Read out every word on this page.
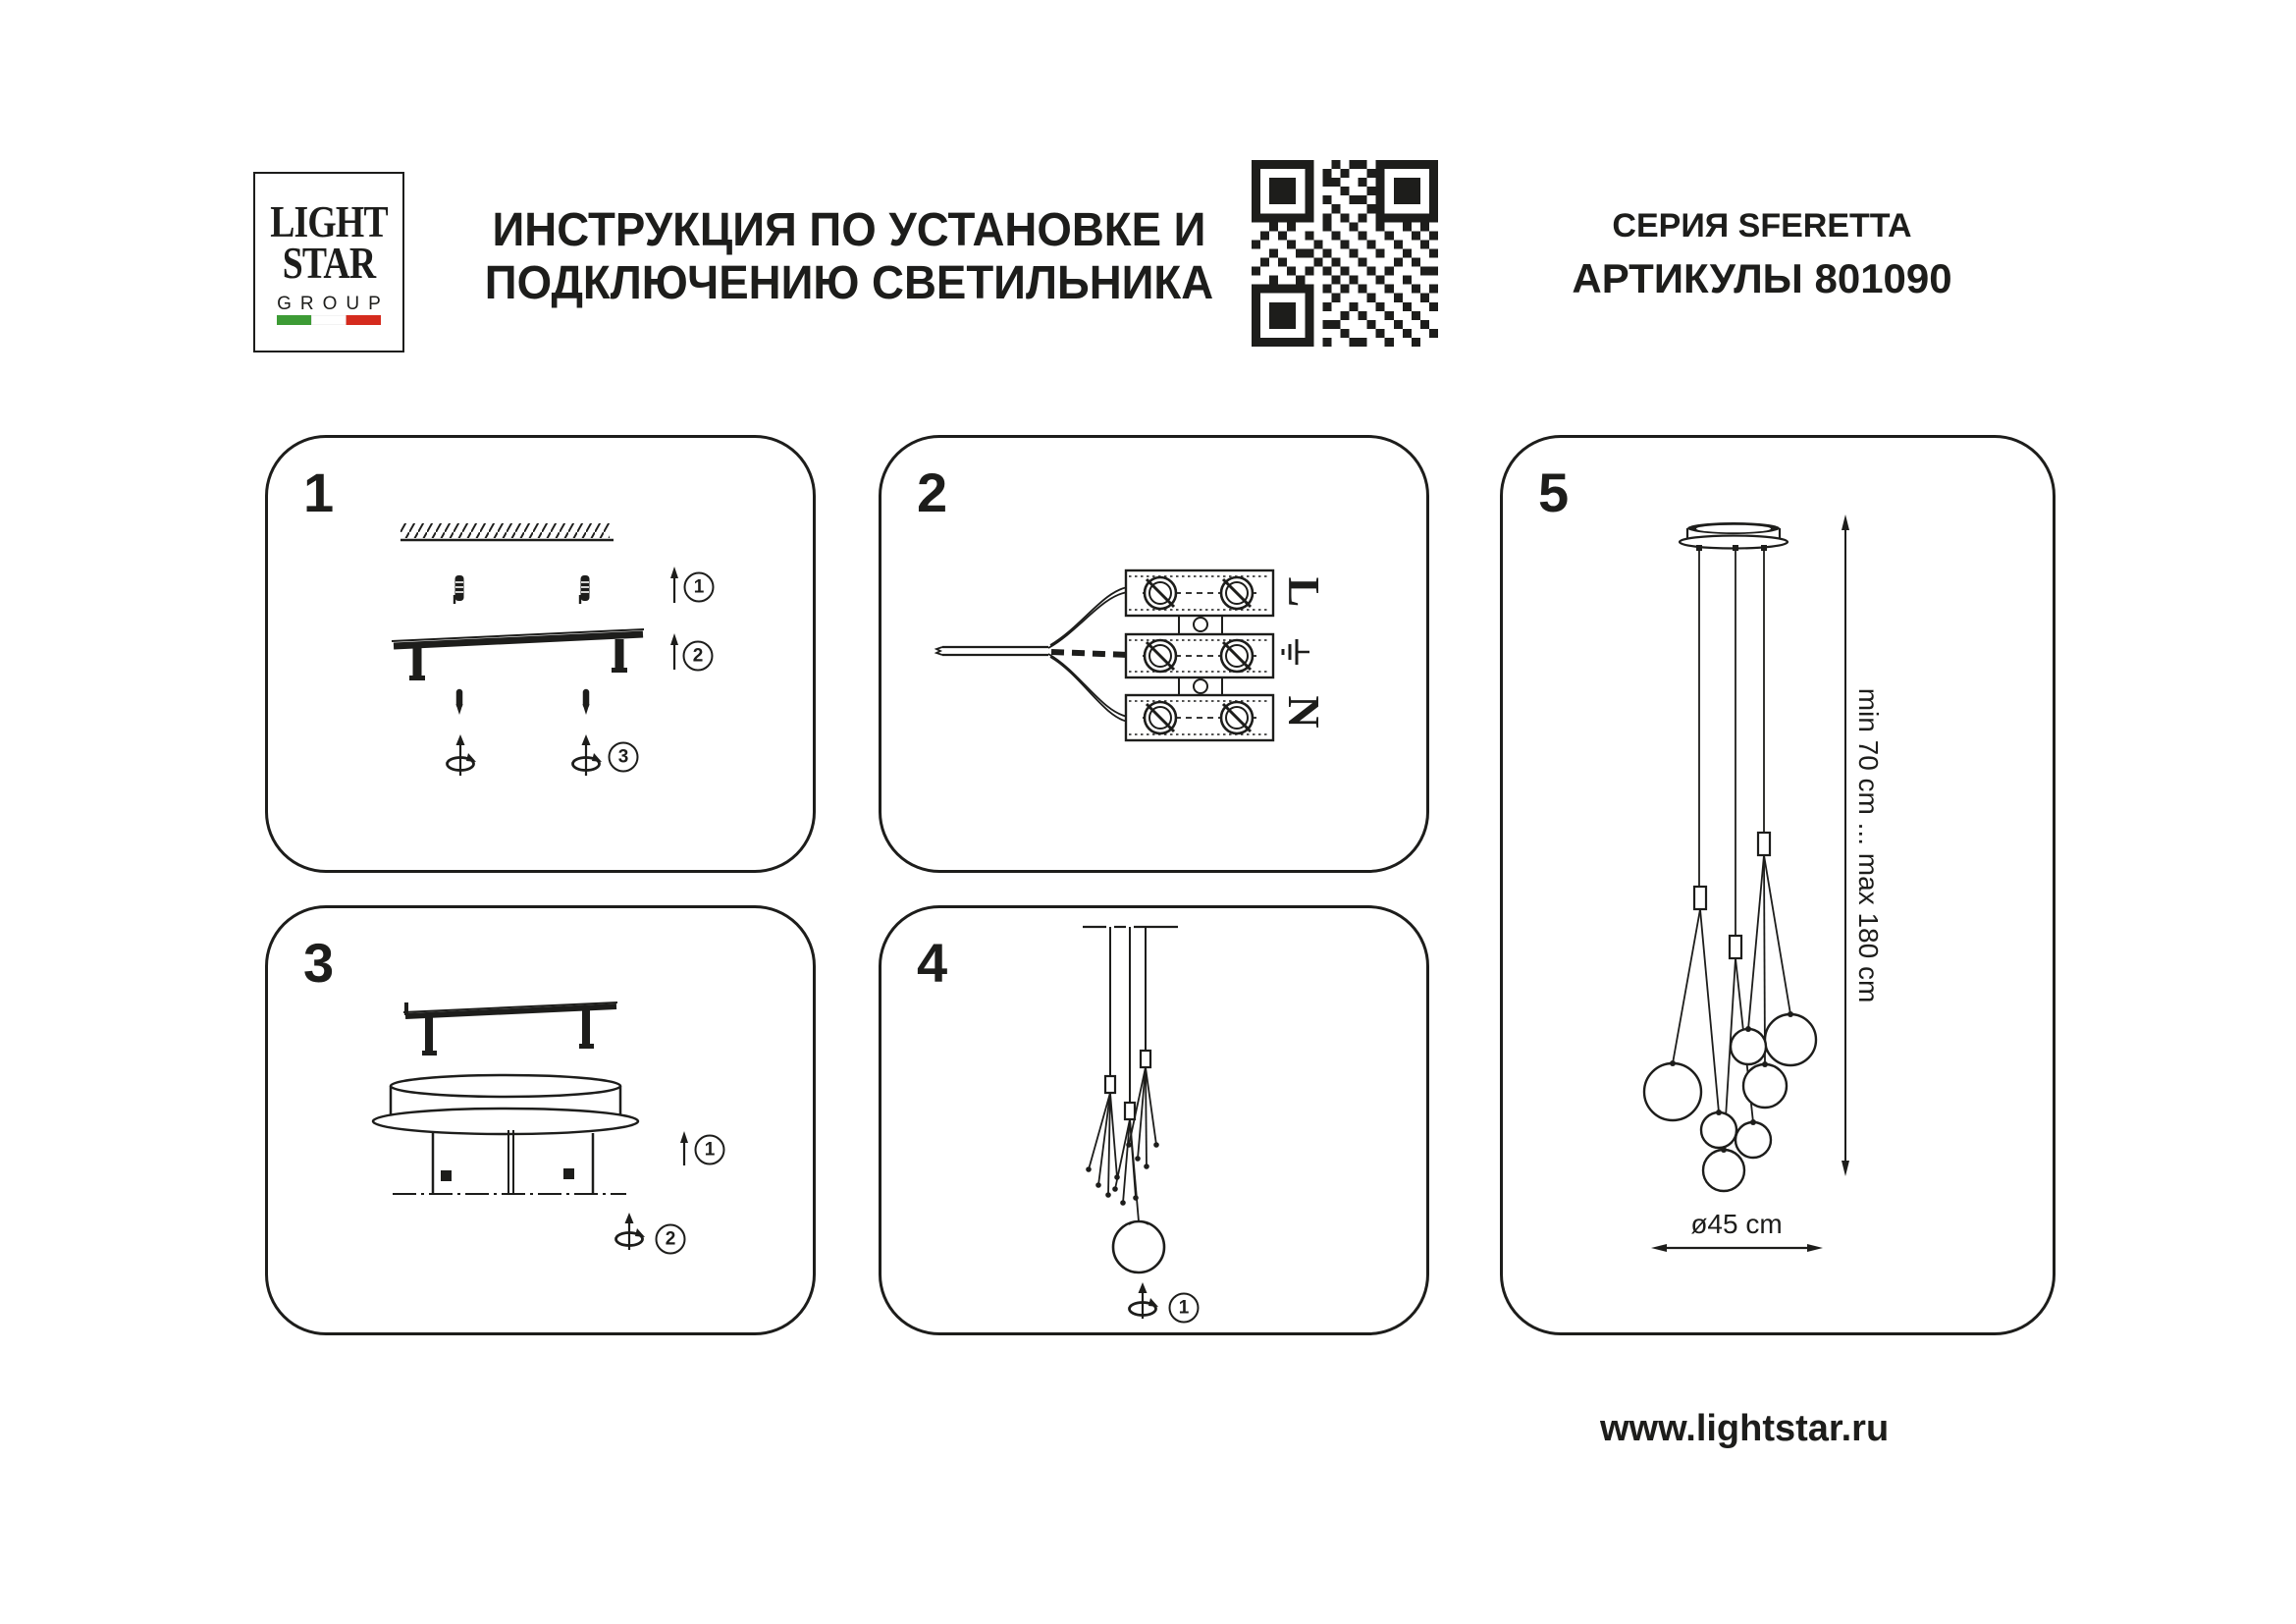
LIGHT
STAR
GROUP
ИНСТРУКЦИЯ ПО УСТАНОВКЕ И
ПОДКЛЮЧЕНИЮ СВЕТИЛЬНИКА
СЕРИЯ SFERETTA
АРТИКУЛЫ 801090
1
1
2
3
2
L
N
3
1
2
4
1
5
min 70 cm ... max 180 cm
ø45 cm
www.lightstar.ru
